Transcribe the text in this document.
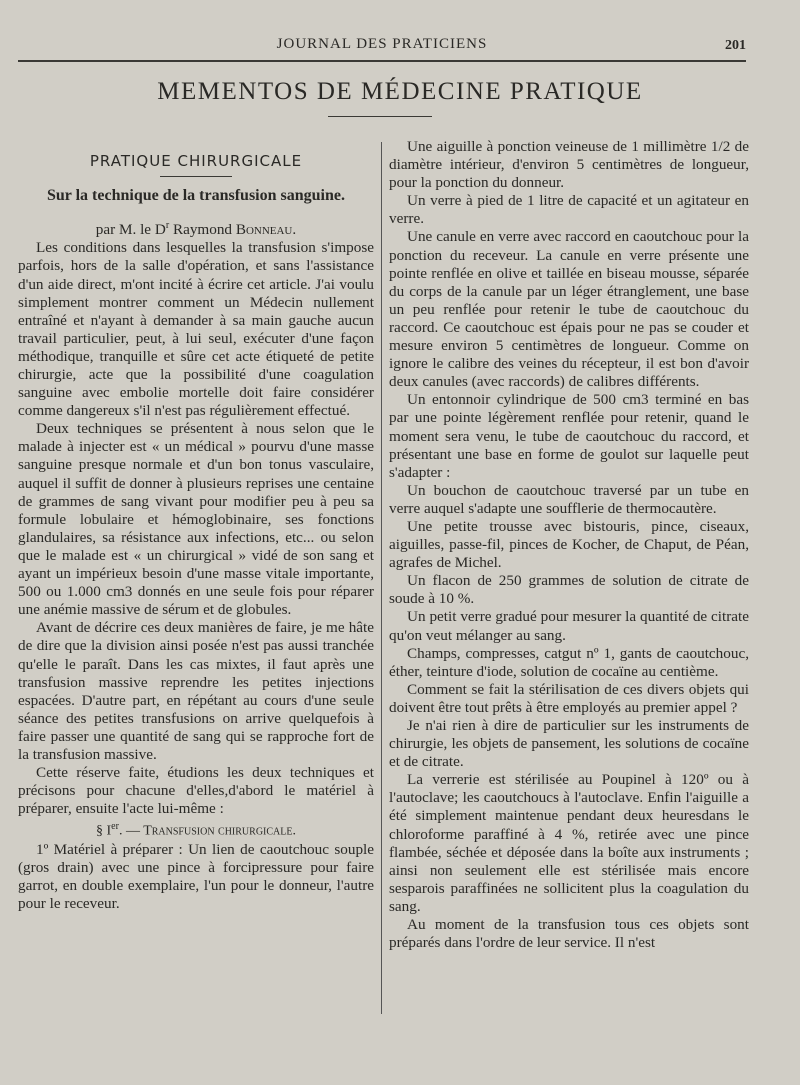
JOURNAL DES PRATICIENS	201
MEMENTOS DE MÉDECINE PRATIQUE
PRATIQUE CHIRURGICALE
Sur la technique de la transfusion sanguine.

par M. le $D^r$ Raymond Bonneau.

Les conditions dans lesquelles la transfusion s'impose parfois, hors de la salle d'opération, et sans l'assistance d'un aide direct, m'ont incité à écrire cet article. J'ai voulu simplement montrer comment un Médecin nullement entraîné et n'ayant à demander à sa main gauche aucun travail particulier, peut, à lui seul, exécuter d'une façon méthodique, tranquille et sûre cet acte étiqueté de petite chirurgie, acte que la possibilité d'une coagulation sanguine avec embolie mortelle doit faire considérer comme dangereux s'il n'est pas régulièrement effectué.

Deux techniques se présentent à nous selon que le malade à injecter est « un médical » pourvu d'une masse sanguine presque normale et d'un bon tonus vasculaire, auquel il suffit de donner à plusieurs reprises une centaine de grammes de sang vivant pour modifier peu à peu sa formule lobulaire et hémoglobinaire, ses fonctions glandulaires, sa résistance aux infections, etc... ou selon que le malade est « un chirurgical » vidé de son sang et ayant un impérieux besoin d'une masse vitale importante, 500 ou 1.000 cm3 donnés en une seule fois pour réparer une anémie massive de sérum et de globules.

Avant de décrire ces deux manières de faire, je me hâte de dire que la division ainsi posée n'est pas aussi tranchée qu'elle le paraît. Dans les cas mixtes, il faut après une transfusion massive reprendre les petites injections espacées. D'autre part, en répétant au cours d'une seule séance des petites transfusions on arrive quelquefois à faire passer une quantité de sang qui se rapproche fort de la transfusion massive.

Cette réserve faite, étudions les deux techniques et précisons pour chacune d'elles,d'abord le matériel à préparer, ensuite l'acte lui-même :

§ Ier. — Transfusion chirurgicale.

1º Matériel à préparer : Un lien de caoutchouc souple (gros drain) avec une pince à forcipressure pour faire garrot, en double exemplaire, l'un pour le donneur, l'autre pour le receveur.

Une aiguille à ponction veineuse de 1 millimètre 1/2 de diamètre intérieur, d'environ 5 centimètres de longueur, pour la ponction du donneur.

Un verre à pied de 1 litre de capacité et un agitateur en verre.

Une canule en verre avec raccord en caoutchouc pour la ponction du receveur. La canule en verre présente une pointe renflée en olive et taillée en biseau mousse, séparée du corps de la canule par un léger étranglement, une base un peu renflée pour retenir le tube de caoutchouc du raccord. Ce caoutchouc est épais pour ne pas se couder et mesure environ 5 centimètres de longueur. Comme on ignore le calibre des veines du récepteur, il est bon d'avoir deux canules (avec raccords) de calibres différents.

Un entonnoir cylindrique de 500 cm3 terminé en bas par une pointe légèrement renflée pour retenir, quand le moment sera venu, le tube de caoutchouc du raccord, et présentant une base en forme de goulot sur laquelle peut s'adapter :

Un bouchon de caoutchouc traversé par un tube en verre auquel s'adapte une soufflerie de thermocautère.

Une petite trousse avec bistouris, pince, ciseaux, aiguilles, passe-fil, pinces de Kocher, de Chaput, de Péan, agrafes de Michel.

Un flacon de 250 grammes de solution de citrate de soude à 10 %.

Un petit verre gradué pour mesurer la quantité de citrate qu'on veut mélanger au sang.

Champs, compresses, catgut nº 1, gants de caoutchouc, éther, teinture d'iode, solution de cocaïne au centième.

Comment se fait la stérilisation de ces divers objets qui doivent être tout prêts à être employés au premier appel ?

Je n'ai rien à dire de particulier sur les instruments de chirurgie, les objets de pansement, les solutions de cocaïne et de citrate.

La verrerie est stérilisée au Poupinel à 120º ou à l'autoclave; les caoutchoucs à l'autoclave. Enfin l'aiguille a été simplement maintenue pendant deux heuresdans le chloroforme paraffiné à 4 %, retirée avec une pince flambée, séchée et déposée dans la boîte aux instruments ; ainsi non seulement elle est stérilisée mais encore sesparois paraffinées ne sollicitent plus la coagulation du sang.

Au moment de la transfusion tous ces objets sont préparés dans l'ordre de leur service. Il n'est
